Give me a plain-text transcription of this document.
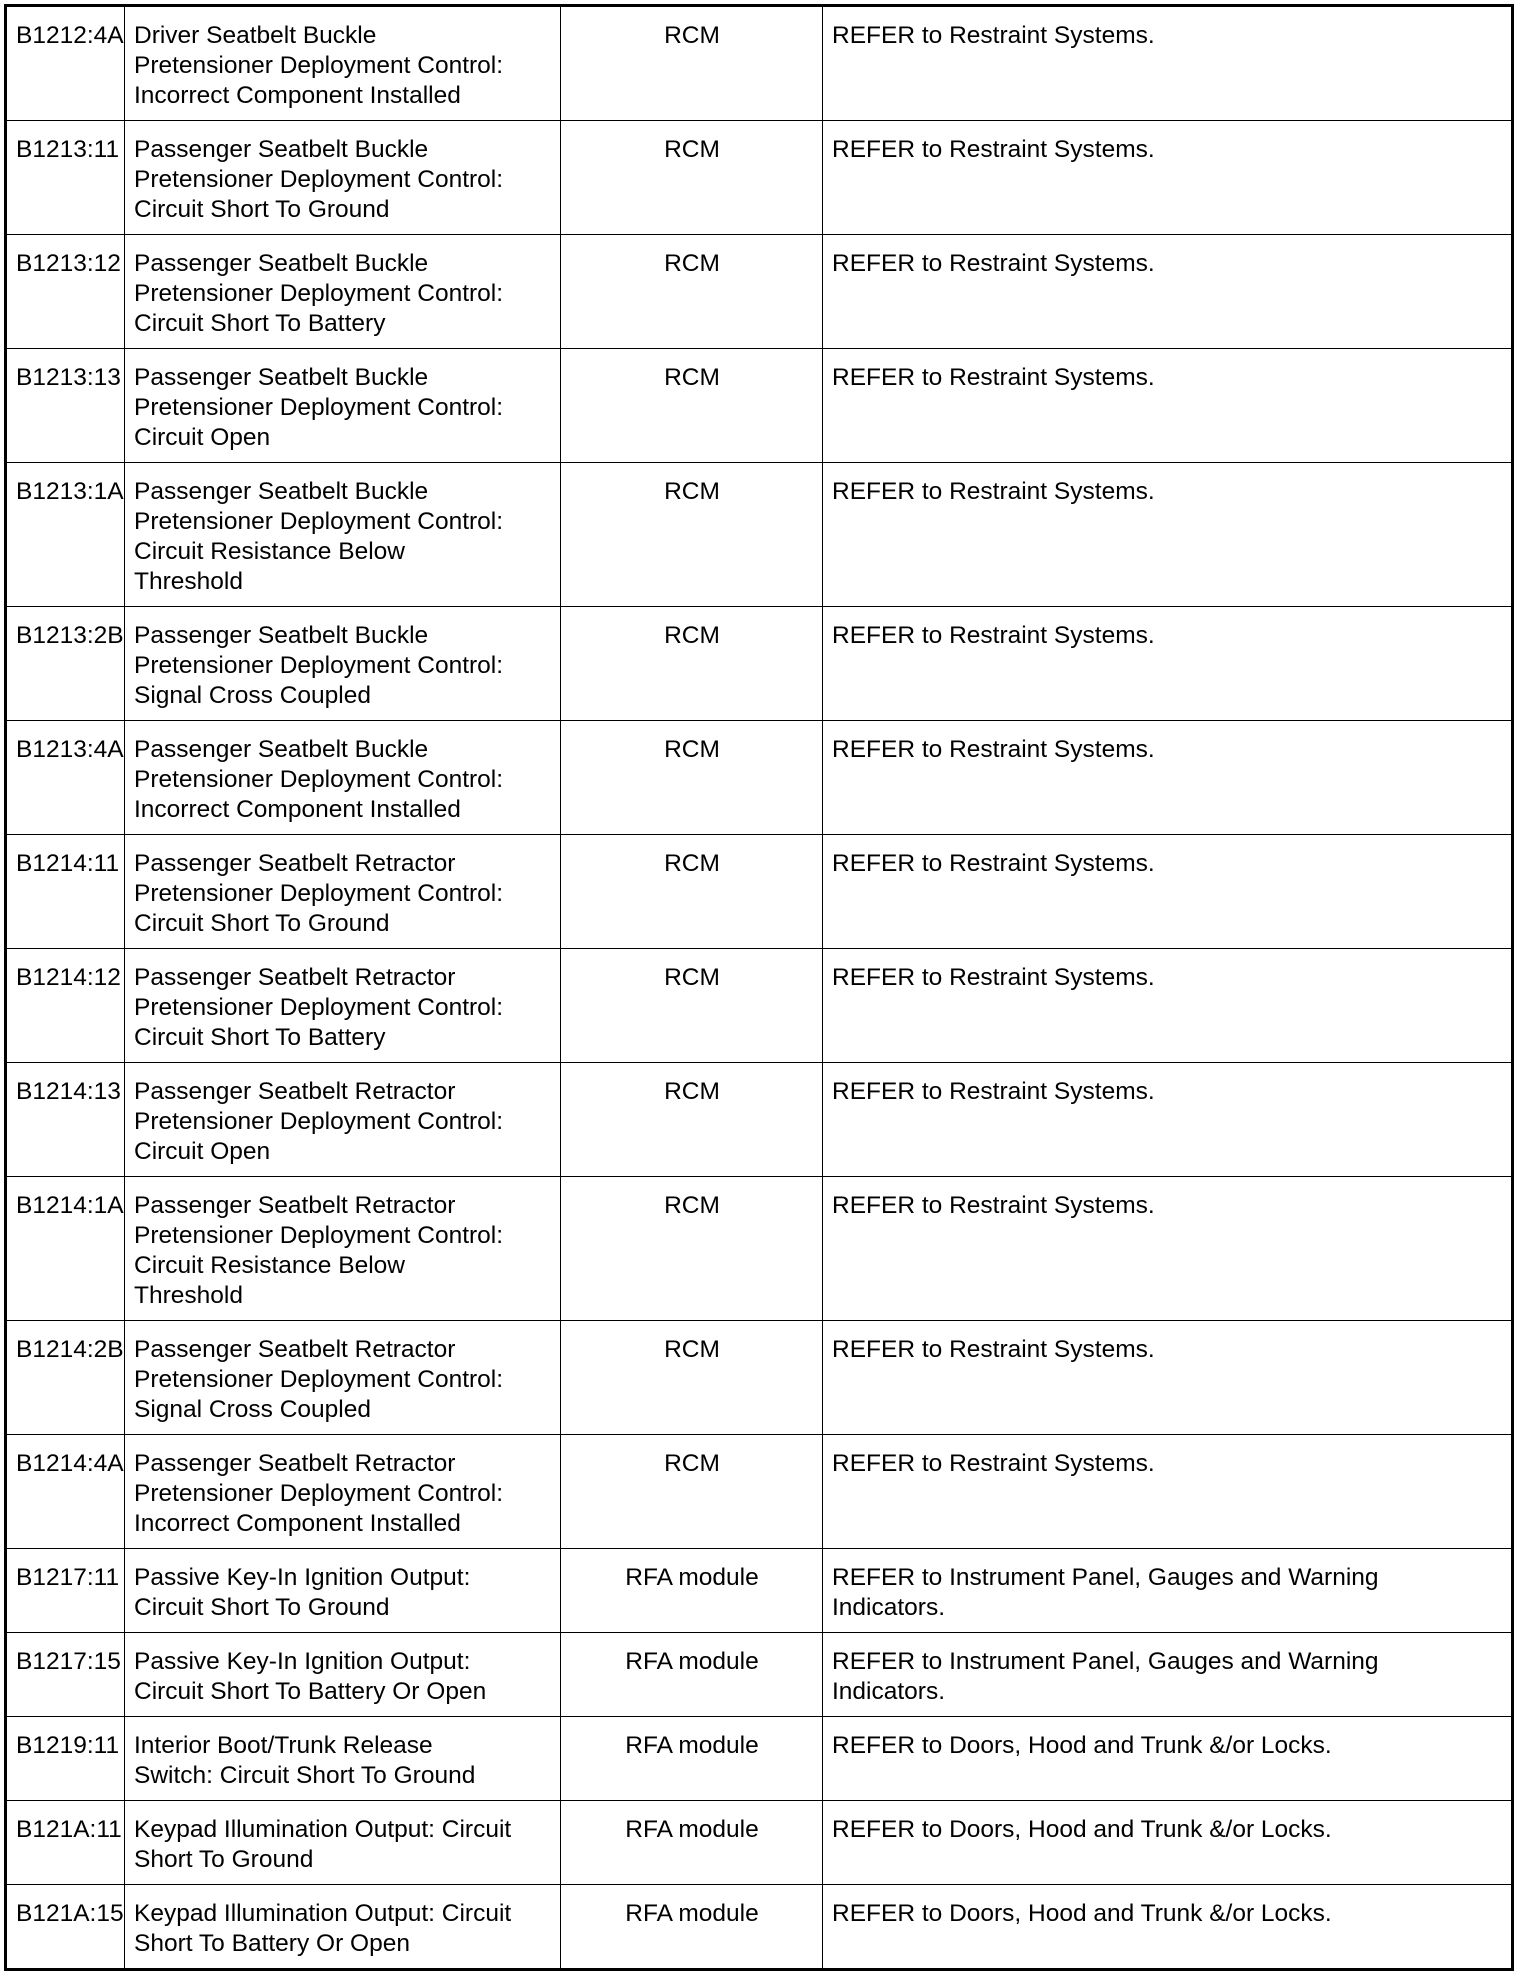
B1212:4A	Driver Seatbelt Buckle
Pretensioner Deployment Control:
Incorrect Component Installed	RCM	REFER to Restraint Systems.
B1213:11	Passenger Seatbelt Buckle
Pretensioner Deployment Control:
Circuit Short To Ground	RCM	REFER to Restraint Systems.
B1213:12	Passenger Seatbelt Buckle
Pretensioner Deployment Control:
Circuit Short To Battery	RCM	REFER to Restraint Systems.
B1213:13	Passenger Seatbelt Buckle
Pretensioner Deployment Control:
Circuit Open	RCM	REFER to Restraint Systems.
B1213:1A	Passenger Seatbelt Buckle
Pretensioner Deployment Control:
Circuit Resistance Below
Threshold	RCM	REFER to Restraint Systems.
B1213:2B	Passenger Seatbelt Buckle
Pretensioner Deployment Control:
Signal Cross Coupled	RCM	REFER to Restraint Systems.
B1213:4A	Passenger Seatbelt Buckle
Pretensioner Deployment Control:
Incorrect Component Installed	RCM	REFER to Restraint Systems.
B1214:11	Passenger Seatbelt Retractor
Pretensioner Deployment Control:
Circuit Short To Ground	RCM	REFER to Restraint Systems.
B1214:12	Passenger Seatbelt Retractor
Pretensioner Deployment Control:
Circuit Short To Battery	RCM	REFER to Restraint Systems.
B1214:13	Passenger Seatbelt Retractor
Pretensioner Deployment Control:
Circuit Open	RCM	REFER to Restraint Systems.
B1214:1A	Passenger Seatbelt Retractor
Pretensioner Deployment Control:
Circuit Resistance Below
Threshold	RCM	REFER to Restraint Systems.
B1214:2B	Passenger Seatbelt Retractor
Pretensioner Deployment Control:
Signal Cross Coupled	RCM	REFER to Restraint Systems.
B1214:4A	Passenger Seatbelt Retractor
Pretensioner Deployment Control:
Incorrect Component Installed	RCM	REFER to Restraint Systems.
B1217:11	Passive Key-In Ignition Output:
Circuit Short To Ground	RFA module	REFER to Instrument Panel, Gauges and Warning
Indicators.
B1217:15	Passive Key-In Ignition Output:
Circuit Short To Battery Or Open	RFA module	REFER to Instrument Panel, Gauges and Warning
Indicators.
B1219:11	Interior Boot/Trunk Release
Switch: Circuit Short To Ground	RFA module	REFER to Doors, Hood and Trunk &/or Locks.
B121A:11	Keypad Illumination Output: Circuit
Short To Ground	RFA module	REFER to Doors, Hood and Trunk &/or Locks.
B121A:15	Keypad Illumination Output: Circuit
Short To Battery Or Open	RFA module	REFER to Doors, Hood and Trunk &/or Locks.
